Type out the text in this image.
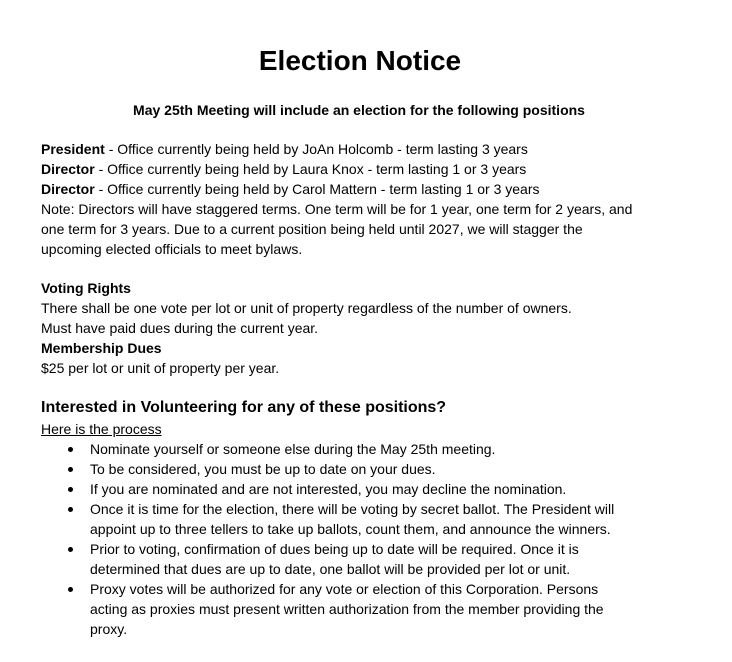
Election Notice
May 25th Meeting will include an election for the following positions
President - Office currently being held by JoAn Holcomb - term lasting 3 years
Director - Office currently being held by Laura Knox - term lasting 1 or 3 years
Director - Office currently being held by Carol Mattern - term lasting 1 or 3 years
Note: Directors will have staggered terms. One term will be for 1 year, one term for 2 years, and
one term for 3 years. Due to a current position being held until 2027, we will stagger the
upcoming elected officials to meet bylaws.
Voting Rights
There shall be one vote per lot or unit of property regardless of the number of owners.
Must have paid dues during the current year.
Membership Dues
$25 per lot or unit of property per year.
Interested in Volunteering for any of these positions?
Here is the process
Nominate yourself or someone else during the May 25th meeting.
To be considered, you must be up to date on your dues.
If you are nominated and are not interested, you may decline the nomination.
Once it is time for the election, there will be voting by secret ballot. The President will
appoint up to three tellers to take up ballots, count them, and announce the winners.
Prior to voting, confirmation of dues being up to date will be required. Once it is
determined that dues are up to date, one ballot will be provided per lot or unit.
Proxy votes will be authorized for any vote or election of this Corporation. Persons
acting as proxies must present written authorization from the member providing the
proxy.
